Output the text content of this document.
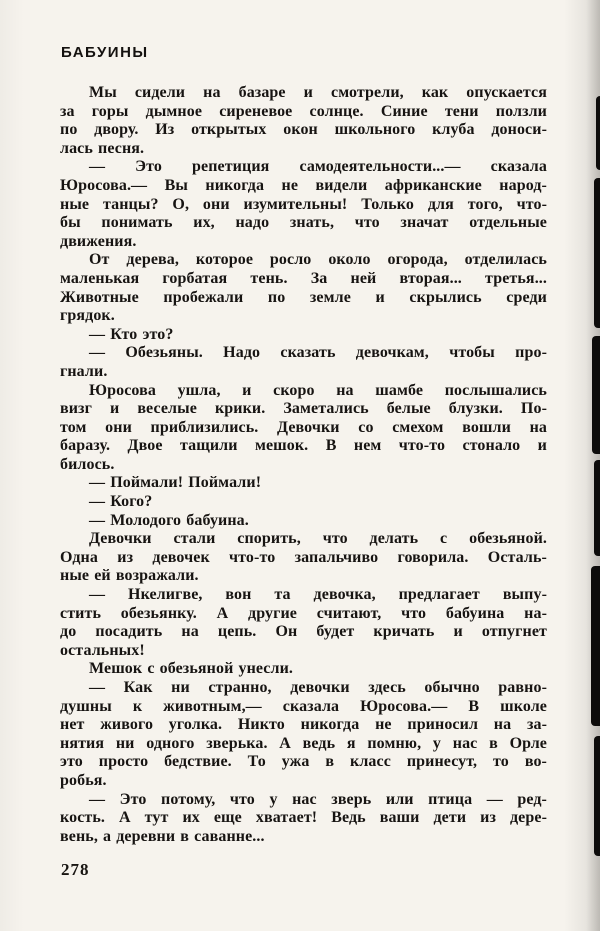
БАБУИНЫ
Мы сидели на базаре и смотрели, как опускается
за горы дымное сиреневое солнце. Синие тени ползли
по двору. Из открытых окон школьного клуба доноси-
лась песня.
— Это репетиция самодеятельности...— сказала
Юросова.— Вы никогда не видели африканские народ-
ные танцы? О, они изумительны! Только для того, что-
бы понимать их, надо знать, что значат отдельные
движения.
От дерева, которое росло около огорода, отделилась
маленькая горбатая тень. За ней вторая... третья...
Животные пробежали по земле и скрылись среди
грядок.
— Кто это?
— Обезьяны. Надо сказать девочкам, чтобы про-
гнали.
Юросова ушла, и скоро на шамбе послышались
визг и веселые крики. Заметались белые блузки. По-
том они приблизились. Девочки со смехом вошли на
баразу. Двое тащили мешок. В нем что-то стонало и
билось.
— Поймали! Поймали!
— Кого?
— Молодого бабуина.
Девочки стали спорить, что делать с обезьяной.
Одна из девочек что-то запальчиво говорила. Осталь-
ные ей возражали.
— Нкелигве, вон та девочка, предлагает выпу-
стить обезьянку. А другие считают, что бабуина на-
до посадить на цепь. Он будет кричать и отпугнет
остальных!
Мешок с обезьяной унесли.
— Как ни странно, девочки здесь обычно равно-
душны к животным,— сказала Юросова.— В школе
нет живого уголка. Никто никогда не приносил на за-
нятия ни одного зверька. А ведь я помню, у нас в Орле
это просто бедствие. То ужа в класс принесут, то во-
робья.
— Это потому, что у нас зверь или птица — ред-
кость. А тут их еще хватает! Ведь ваши дети из дере-
вень, а деревни в саванне...
278
